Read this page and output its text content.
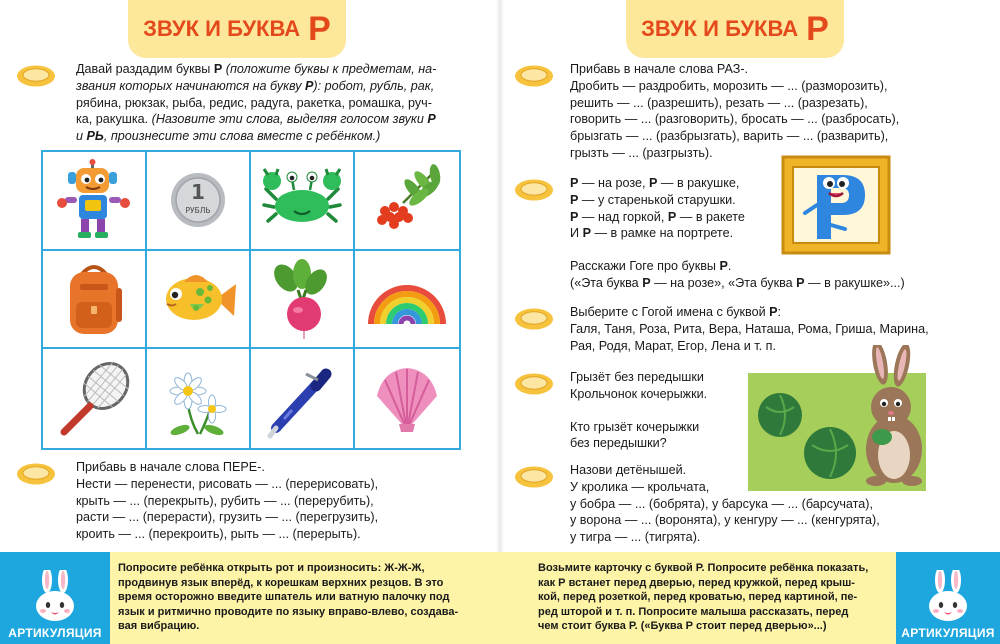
ЗВУК И БУКВА Р
Давай раздадим буквы Р (положите буквы к предметам, на-
звания которых начинаются на букву Р): робот, рубль, рак,
рябина, рюкзак, рыба, редис, радуга, ракетка, ромашка, руч-
ка, ракушка. (Назовите эти слова, выделяя голосом звуки Р
и РЬ, произнесите эти слова вместе с ребёнком.)
1
РУБЛЬ
Прибавь в начале слова ПЕРЕ-.
Нести — перенести, рисовать — ... (перерисовать),
крыть — ... (перекрыть), рубить — ... (перерубить),
расти — ... (перерасти), грузить — ... (перегрузить),
кроить — ... (перекроить), рыть — ... (перерыть).
АРТИКУЛЯЦИЯ
Попросите ребёнка открыть рот и произносить: Ж-Ж-Ж,
продвинув язык вперёд, к корешкам верхних резцов. В это
время осторожно введите шпатель или ватную палочку под
язык и ритмично проводите по языку вправо-влево, создава-
вая вибрацию.
ЗВУК И БУКВА Р
Прибавь в начале слова РАЗ-.
Дробить — раздробить, морозить — ... (разморозить),
решить — ... (разрешить), резать — ... (разрезать),
говорить — ... (разговорить), бросать — ... (разбросать),
брызгать — ... (разбрызгать), варить — ... (разварить),
грызть — ... (разгрызть).
Р — на розе, Р — в ракушке,
Р — у старенькой старушки.
Р — над горкой, Р — в ракете
И Р — в рамке на портрете.
Расскажи Гоге про буквы Р.
(«Эта буква Р — на розе», «Эта буква Р — в ракушке»...)
Выберите с Гогой имена с буквой Р:
Галя, Таня, Роза, Рита, Вера, Наташа, Рома, Гриша, Марина,
Рая, Родя, Марат, Егор, Лена и т. п.
Грызёт без передышки
Крольчонок кочерыжки.
Кто грызёт кочерыжки
без передышки?
Назови детёнышей.
У кролика — крольчата,
у бобра — ... (бобрята), у барсука — ... (барсучата),
у ворона — ... (воронята), у кенгуру — ... (кенгурята),
у тигра — ... (тигрята).
Возьмите карточку с буквой Р. Попросите ребёнка показать,
как Р встанет перед дверью, перед кружкой, перед крыш-
кой, перед розеткой, перед кроватью, перед картиной, пе-
ред шторой и т. п. Попросите малыша рассказать, перед
чем стоит буква Р. («Буква Р стоит перед дверью»...)	АРТИКУЛЯЦИЯ
